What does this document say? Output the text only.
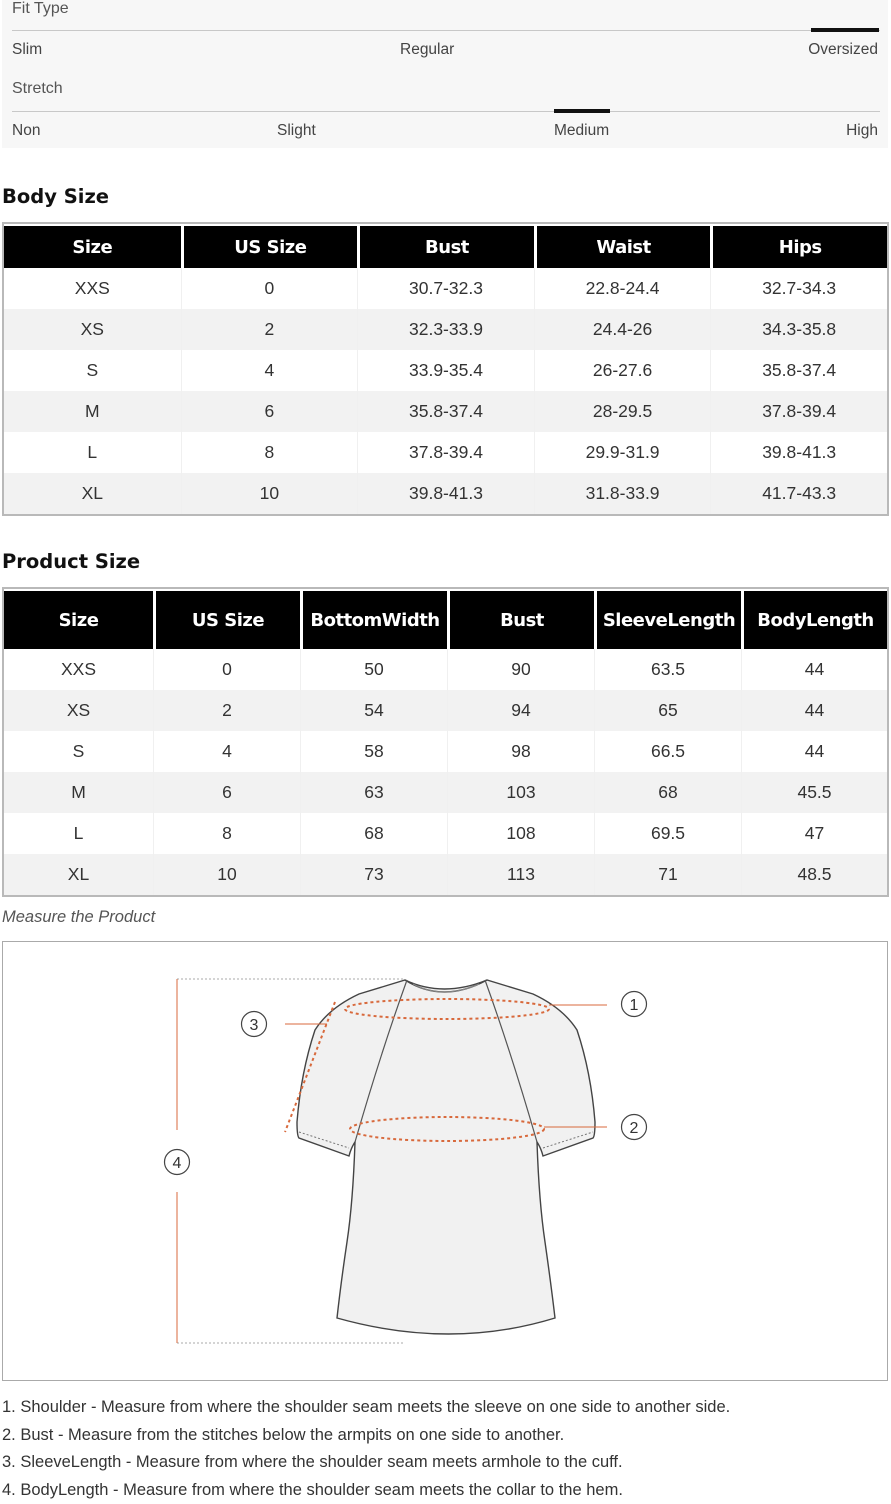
Fit Type
Slim	Regular	Oversized
Stretch
Non	Slight	Medium	High
Body Size
Size	US Size	Bust	Waist	Hips
XXS	0	30.7-32.3	22.8-24.4	32.7-34.3
XS	2	32.3-33.9	24.4-26	34.3-35.8
S	4	33.9-35.4	26-27.6	35.8-37.4
M	6	35.8-37.4	28-29.5	37.8-39.4
L	8	37.8-39.4	29.9-31.9	39.8-41.3
XL	10	39.8-41.3	31.8-33.9	41.7-43.3
Product Size
Size	US Size	BottomWidth	Bust	SleeveLength	BodyLength
XXS	0	50	90	63.5	44
XS	2	54	94	65	44
S	4	58	98	66.5	44
M	6	63	103	68	45.5
L	8	68	108	69.5	47
XL	10	73	113	71	48.5
Measure the Product
1
2
3
4
1. Shoulder - Measure from where the shoulder seam meets the sleeve on one side to another side.
2. Bust - Measure from the stitches below the armpits on one side to another.
3. SleeveLength - Measure from where the shoulder seam meets armhole to the cuff.
4. BodyLength - Measure from where the shoulder seam meets the collar to the hem.
